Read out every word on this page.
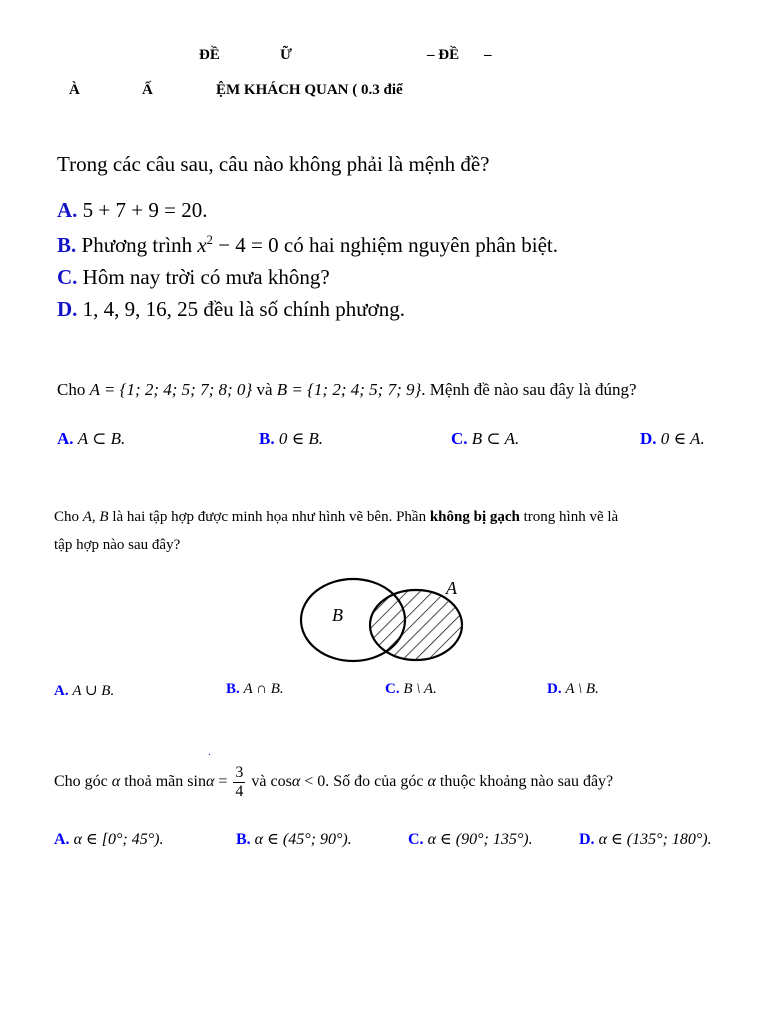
ĐỀ	Ữ	– ĐỀ –
À	Ấ	ỆM KHÁCH QUAN ( 0.3 điể
Trong các câu sau, câu nào không phải là mệnh đề?
A. 5 + 7 + 9 = 20.
B. Phương trình $x^2 - 4 = 0$ có hai nghiệm nguyên phân biệt.
C. Hôm nay trời có mưa không?
D. 1, 4, 9, 16, 25 đều là số chính phương.
Cho A = {1; 2; 4; 5; 7; 8; 0} và B = {1; 2; 4; 5; 7; 9}. Mệnh đề nào sau đây là đúng?
A. A ⊂ B.	B. 0 ∈ B.	C. B ⊂ A.	D. 0 ∈ A.
Cho A, B là hai tập hợp được minh họa như hình vẽ bên. Phần không bị gạch trong hình vẽ là
tập hợp nào sau đây?
A
B
A. A ∪ B.	B. A ∩ B.	C. B \ A.	D. A \ B.
.
Cho góc α thoả mãn $\sin\alpha = \frac{3}{4}$ và cosα < 0. Số đo của góc α thuộc khoảng nào sau đây?
A. α ∈ [0°; 45°).	B. α ∈ (45°; 90°).	C. α ∈ (90°; 135°).	D. α ∈ (135°; 180°).
